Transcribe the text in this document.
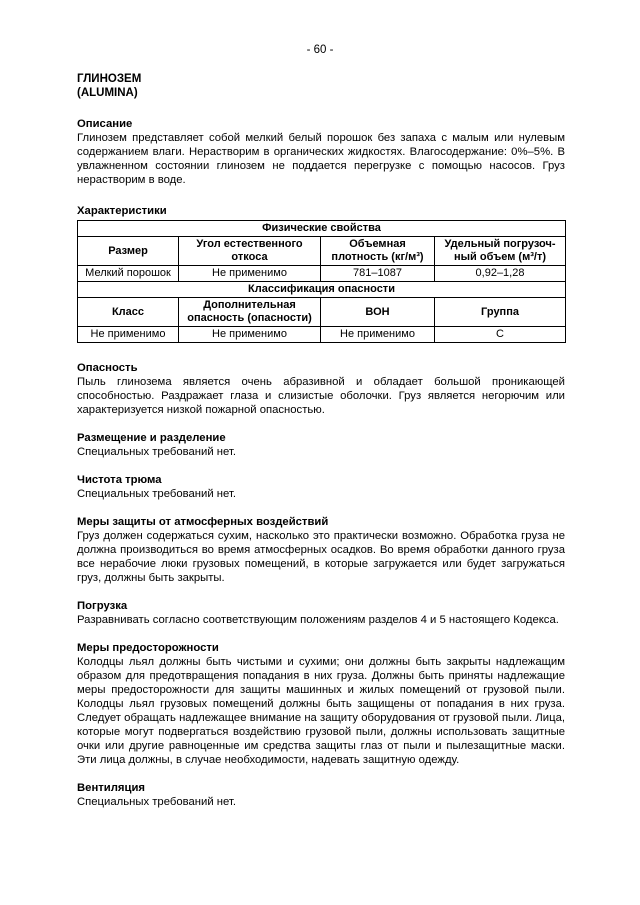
- 60 -
ГЛИНОЗЕМ
(ALUMINA)
Описание

Глинозем представляет собой мелкий белый порошок без запаха с малым или нулевым содержанием влаги. Нерастворим в органических жидкостях. Влагосодержание: 0%–5%. В увлажненном состоянии глинозем не поддается перегрузке с помощью насосов. Груз нерастворим в воде.

Характеристики
Физические свойства			
Размер	Угол естественного откоса	Объемная плотность (кг/м³)	Удельный погрузоч-ный объем (м³/т)
Мелкий порошок	Не применимо	781–1087	0,92–1,28
Классификация опасности			
Класс	Дополнительная опасность (опасности)	ВОН	Группа
Не применимо	Не применимо	Не применимо	С
Опасность

Пыль глинозема является очень абразивной и обладает большой проникающей способностью. Раздражает глаза и слизистые оболочки. Груз является негорючим или характеризуется низкой пожарной опасностью.

Размещение и разделение

Специальных требований нет.

Чистота трюма

Специальных требований нет.

Меры защиты от атмосферных воздействий

Груз должен содержаться сухим, насколько это практически возможно. Обработка груза не должна производиться во время атмосферных осадков. Во время обработки данного груза все нерабочие люки грузовых помещений, в которые загружается или будет загружаться груз, должны быть закрыты.

Погрузка

Разравнивать согласно соответствующим положениям разделов 4 и 5 настоящего Кодекса.

Меры предосторожности

Колодцы льял должны быть чистыми и сухими; они должны быть закрыты надлежащим образом для предотвращения попадания в них груза. Должны быть приняты надлежащие меры предосторожности для защиты машинных и жилых помещений от грузовой пыли. Колодцы льял грузовых помещений должны быть защищены от попадания в них груза. Следует обращать надлежащее внимание на защиту оборудования от грузовой пыли. Лица, которые могут подвергаться воздействию грузовой пыли, должны использовать защитные очки или другие равноценные им средства защиты глаз от пыли и пылезащитные маски. Эти лица должны, в случае необходимости, надевать защитную одежду.

Вентиляция

Специальных требований нет.
